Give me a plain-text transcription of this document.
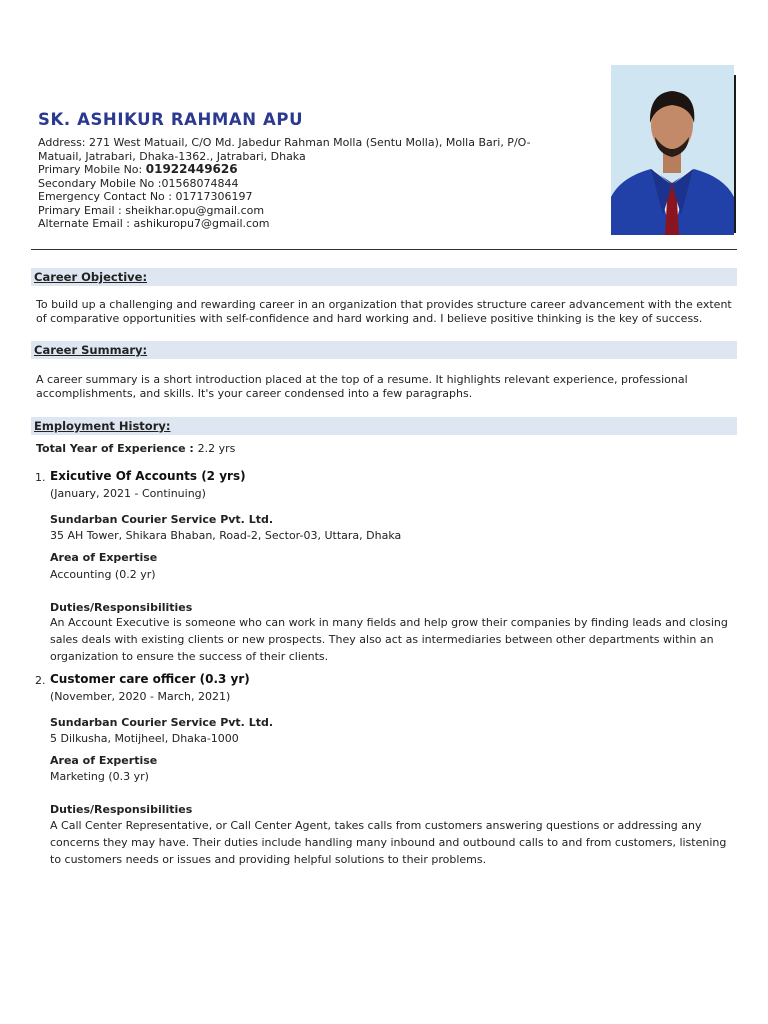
SK. ASHIKUR RAHMAN APU
Address: 271 West Matuail, C/O Md. Jabedur Rahman Molla (Sentu Molla), Molla Bari, P/O-Matuail, Jatrabari, Dhaka-1362., Jatrabari, Dhaka
Primary Mobile No: 01922449626
Secondary Mobile No :01568074844
Emergency Contact No : 01717306197
Primary Email : sheikhar.opu@gmail.com
Alternate Email : ashikuropu7@gmail.com
Career Objective:
To build up a challenging and rewarding career in an organization that provides structure career advancement with the extent of comparative opportunities with self-confidence and hard working and. I believe positive thinking is the key of success.
Career Summary:
A career summary is a short introduction placed at the top of a resume. It highlights relevant experience, professional accomplishments, and skills. It's your career condensed into a few paragraphs.
Employment History:
Total Year of Experience : 2.2 yrs
1. Exicutive Of Accounts (2 yrs)
(January, 2021 - Continuing)
Sundarban Courier Service Pvt. Ltd.
35 AH Tower, Shikara Bhaban, Road-2, Sector-03, Uttara, Dhaka
Area of Expertise
Accounting (0.2 yr)
Duties/Responsibilities
An Account Executive is someone who can work in many fields and help grow their companies by finding leads and closing sales deals with existing clients or new prospects. They also act as intermediaries between other departments within an organization to ensure the success of their clients.
2. Customer care officer (0.3 yr)
(November, 2020 - March, 2021)
Sundarban Courier Service Pvt. Ltd.
5 Dilkusha, Motijheel, Dhaka-1000
Area of Expertise
Marketing (0.3 yr)
Duties/Responsibilities
A Call Center Representative, or Call Center Agent, takes calls from customers answering questions or addressing any concerns they may have. Their duties include handling many inbound and outbound calls to and from customers, listening to customers needs or issues and providing helpful solutions to their problems.
